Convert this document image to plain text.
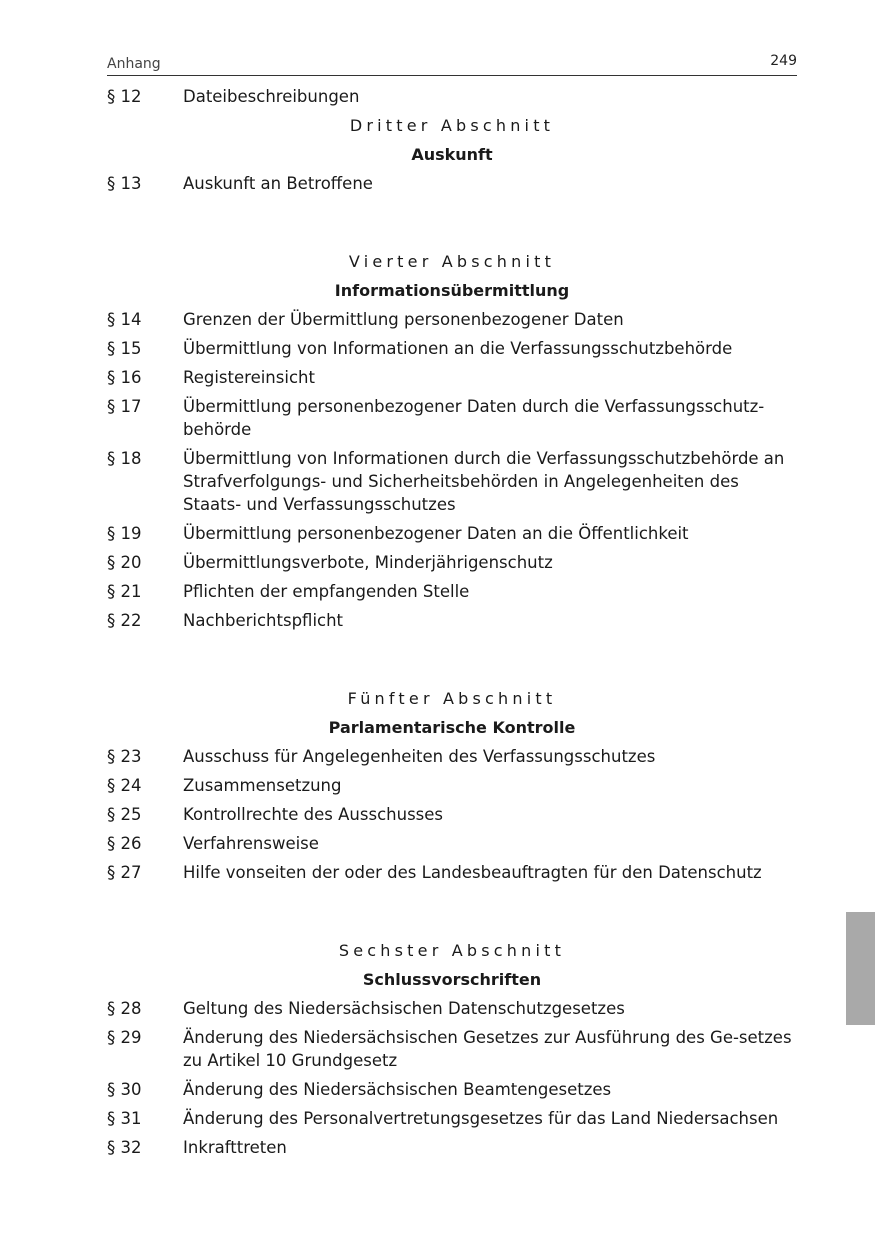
Anhang	249
§ 12	Dateibeschreibungen
Dritter Abschnitt
Auskunft
§ 13	Auskunft an Betroffene
Vierter Abschnitt
Informationsübermittlung
§ 14	Grenzen der Übermittlung personenbezogener Daten
§ 15	Übermittlung von Informationen an die Verfassungsschutzbehörde
§ 16	Registereinsicht
§ 17	Übermittlung personenbezogener Daten durch die Verfassungsschutz-behörde
§ 18	Übermittlung von Informationen durch die Verfassungsschutzbehörde an Strafverfolgungs- und Sicherheitsbehörden in Angelegenheiten des Staats- und Verfassungsschutzes
§ 19	Übermittlung personenbezogener Daten an die Öffentlichkeit
§ 20	Übermittlungsverbote, Minderjährigenschutz
§ 21	Pflichten der empfangenden Stelle
§ 22	Nachberichtspflicht
Fünfter Abschnitt
Parlamentarische Kontrolle
§ 23	Ausschuss für Angelegenheiten des Verfassungsschutzes
§ 24	Zusammensetzung
§ 25	Kontrollrechte des Ausschusses
§ 26	Verfahrensweise
§ 27	Hilfe vonseiten der oder des Landesbeauftragten für den Datenschutz
Sechster Abschnitt
Schlussvorschriften
§ 28	Geltung des Niedersächsischen Datenschutzgesetzes
§ 29	Änderung des Niedersächsischen Gesetzes zur Ausführung des Ge-setzes zu Artikel 10 Grundgesetz
§ 30	Änderung des Niedersächsischen Beamtengesetzes
§ 31	Änderung des Personalvertretungsgesetzes für das Land Niedersachsen
§ 32	Inkrafttreten
